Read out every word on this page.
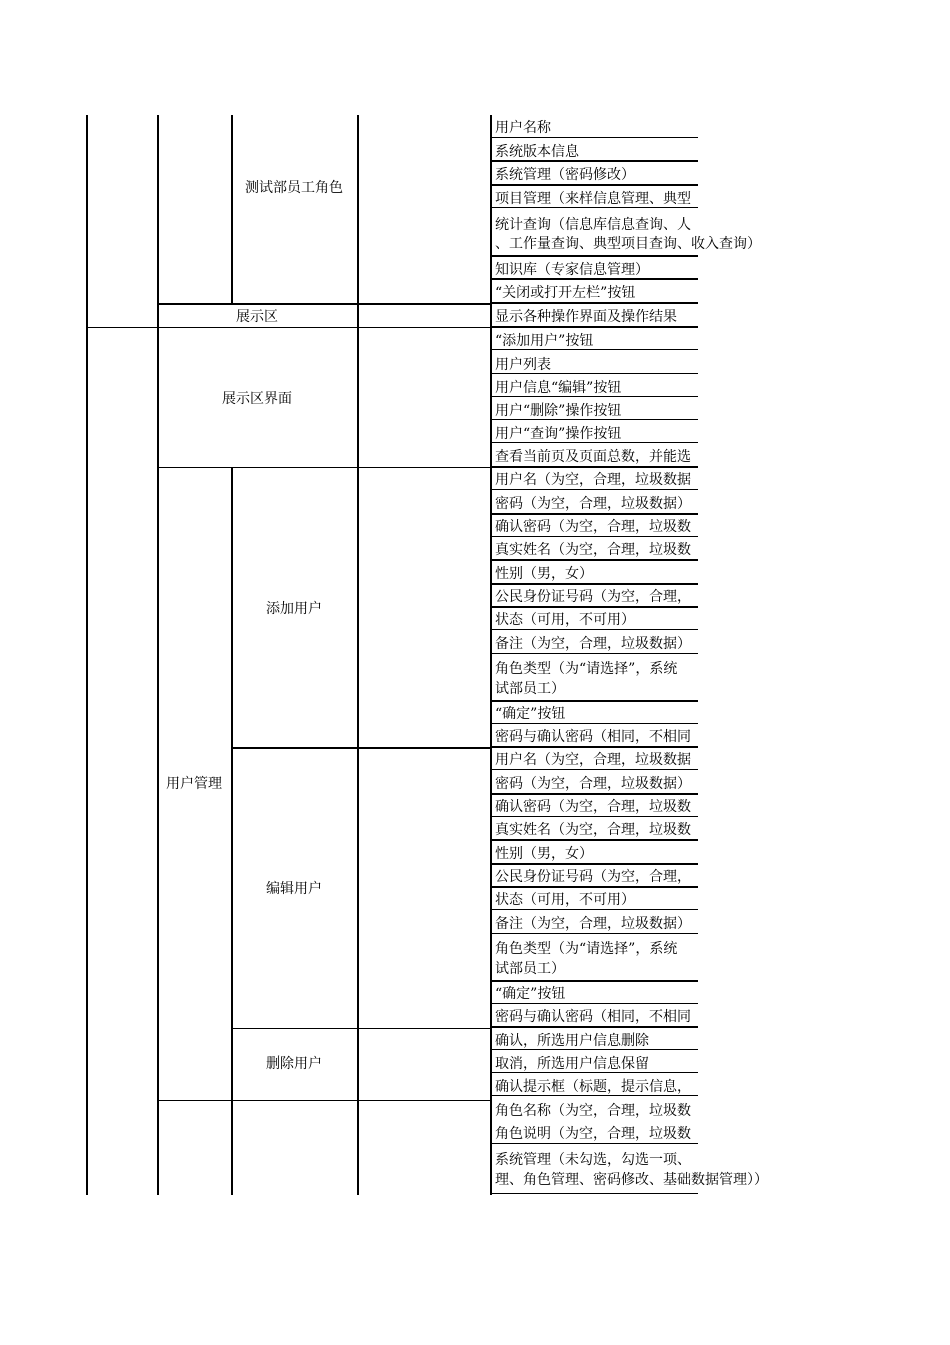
测试部员工角色
展示区
展示区界面
用户管理
添加用户
编辑用户
删除用户
用户名称
系统版本信息
系统管理（密码修改）
项目管理（来样信息管理、典型
统计查询（信息库信息查询、人
、工作量查询、典型项目查询、收入查询）
知识库（专家信息管理）
“关闭或打开左栏”按钮
显示各种操作界面及操作结果
“添加用户”按钮
用户列表
用户信息“编辑”按钮
用户“删除”操作按钮
用户“查询”操作按钮
查看当前页及页面总数，并能选
用户名（为空，合理，垃圾数据
密码（为空，合理，垃圾数据）
确认密码（为空，合理，垃圾数
真实姓名（为空，合理，垃圾数
性别（男，女）
公民身份证号码（为空，合理，
状态（可用，不可用）
备注（为空，合理，垃圾数据）
角色类型（为“请选择”，系统
试部员工）
“确定”按钮
密码与确认密码（相同，不相同
用户名（为空，合理，垃圾数据
密码（为空，合理，垃圾数据）
确认密码（为空，合理，垃圾数
真实姓名（为空，合理，垃圾数
性别（男，女）
公民身份证号码（为空，合理，
状态（可用，不可用）
备注（为空，合理，垃圾数据）
角色类型（为“请选择”，系统
试部员工）
“确定”按钮
密码与确认密码（相同，不相同
确认，所选用户信息删除
取消，所选用户信息保留
确认提示框（标题，提示信息，
角色名称（为空，合理，垃圾数
角色说明（为空，合理，垃圾数
系统管理（未勾选，勾选一项、
理、角色管理、密码修改、基础数据管理））
